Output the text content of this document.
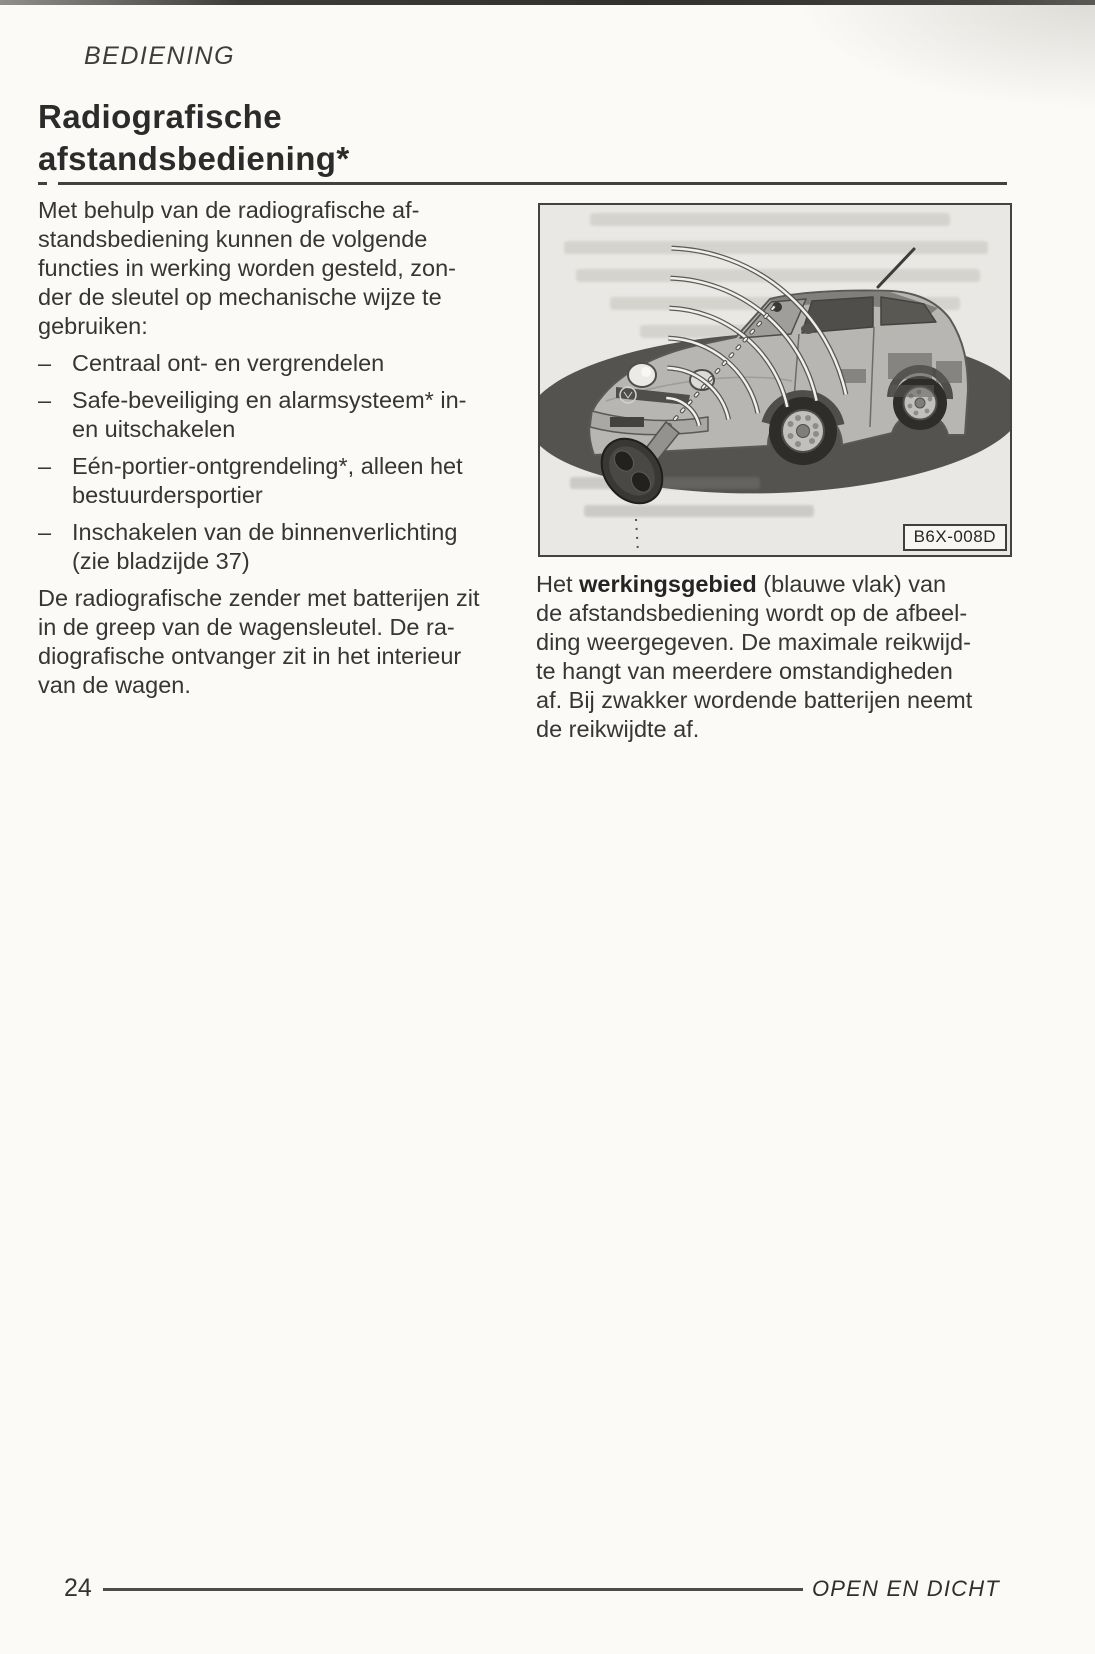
BEDIENING
Radiografische
afstandsbediening*

Met behulp van de radiografische af-
standsbediening kunnen de volgende
functies in werking worden gesteld, zon-
der de sleutel op mechanische wijze te
gebruiken:

– Centraal ont- en vergrendelen
– Safe-beveiliging en alarmsysteem* in-
en uitschakelen
– Eén-portier-ontgrendeling*, alleen het
bestuurdersportier
– Inschakelen van de binnenverlichting
(zie bladzijde 37)

De radiografische zender met batterijen zit
in de greep van de wagensleutel. De ra-
diografische ontvanger zit in het interieur
van de wagen.

B6X-008D
Het werkingsgebied (blauwe vlak) van
de afstandsbediening wordt op de afbeel-
ding weergegeven. De maximale reikwijd-
te hangt van meerdere omstandigheden
af. Bij zwakker wordende batterijen neemt
de reikwijdte af.
24	OPEN EN DICHT
